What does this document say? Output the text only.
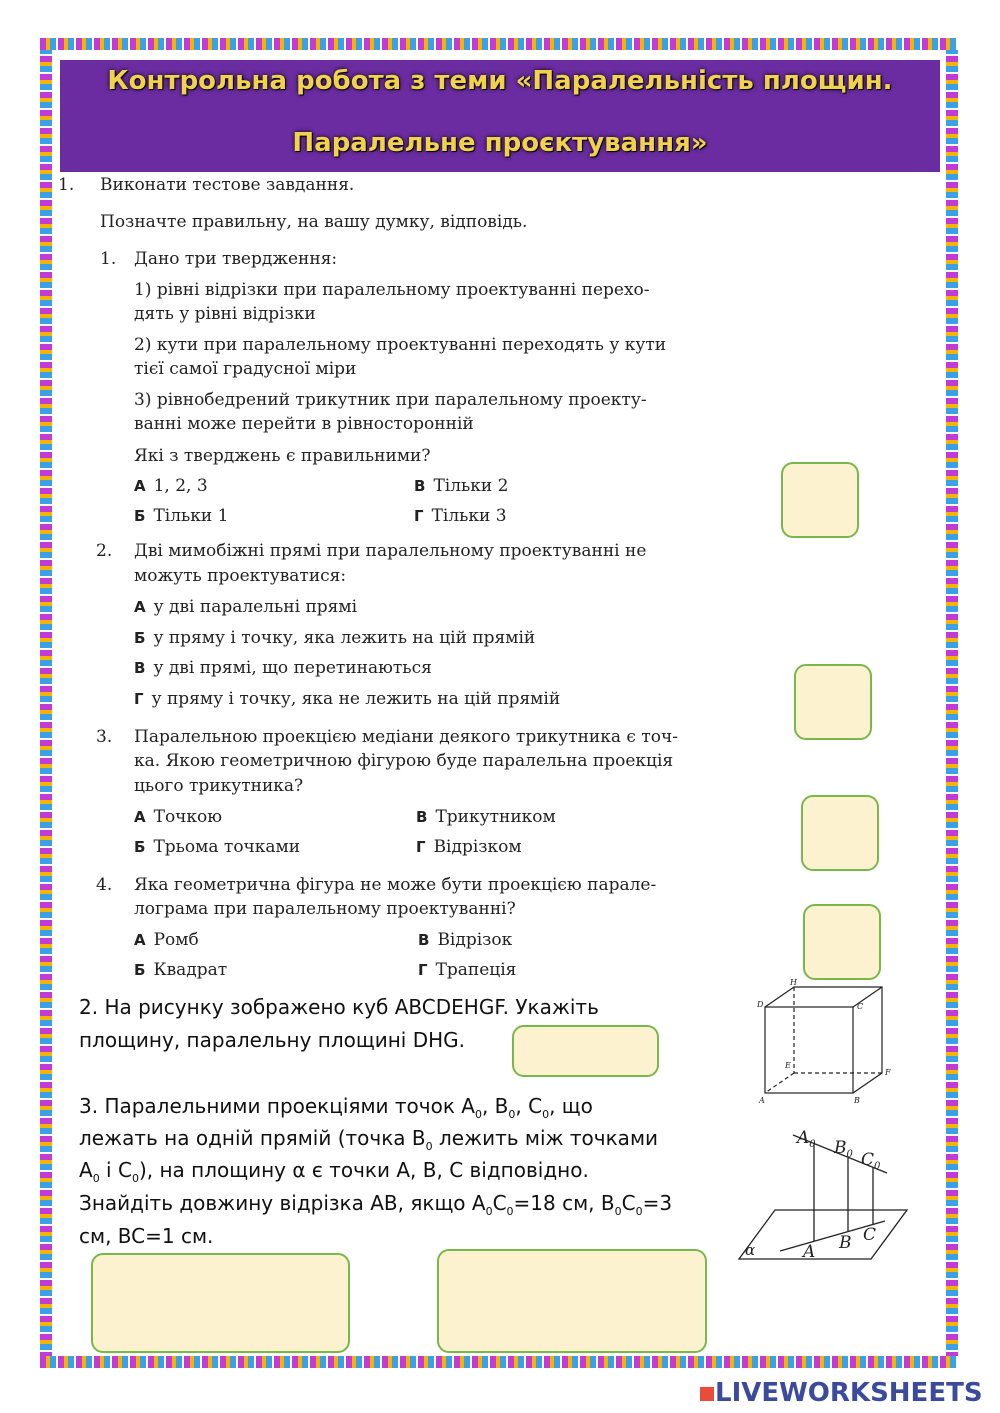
Контрольна робота з теми «Паралельність площин.
Паралельне проєктування»
1. Виконати тестове завдання.
Позначте правильну, на вашу думку, відповідь.
1. Дано три твердження:
1) рівні відрізки при паралельному проектуванні перехо-
дять у рівні відрізки
2) кути при паралельному проектуванні переходять у кути
тієї самої градусної міри
3) рівнобедрений трикутник при паралельному проекту-
ванні може перейти в рівносторонній
Які з тверджень є правильними?
А 1, 2, 3	В Тільки 2
Б Тільки 1	Г Тільки 3
2. Дві мимобіжні прямі при паралельному проектуванні не
можуть проектуватися:
А у дві паралельні прямі
Б у пряму і точку, яка лежить на цій прямій
В у дві прямі, що перетинаються
Г у пряму і точку, яка не лежить на цій прямій
3. Паралельною проекцією медіани деякого трикутника є точ-
ка. Якою геометричною фігурою буде паралельна проекція
цього трикутника?
А Точкою	В Трикутником
Б Трьома точками	Г Відрізком
4. Яка геометрична фігура не може бути проекцією парале-
лограма при паралельному проектуванні?
А Ромб	В Відрізок
Б Квадрат	Г Трапеція
2. На рисунку зображено куб ABCDEHGF. Укажіть
площину, паралельну площині DHG.
D
H
C
E
F
A	B
3. Паралельними проекціями точок $A_0$, $B_0$, $C_0$, що
лежать на одній прямій (точка $B_0$ лежить між точками
$A_0$ і $C_0$), на площину α є точки A, B, C відповідно.
Знайдіть довжину відрізка AB, якщо $A_0C_0=18$ см, $B_0C_0=3$
см, BC=1 см.
$A_0$ $B_0$ $C_0$
A B C
α
LIVEWORKSHEETS
